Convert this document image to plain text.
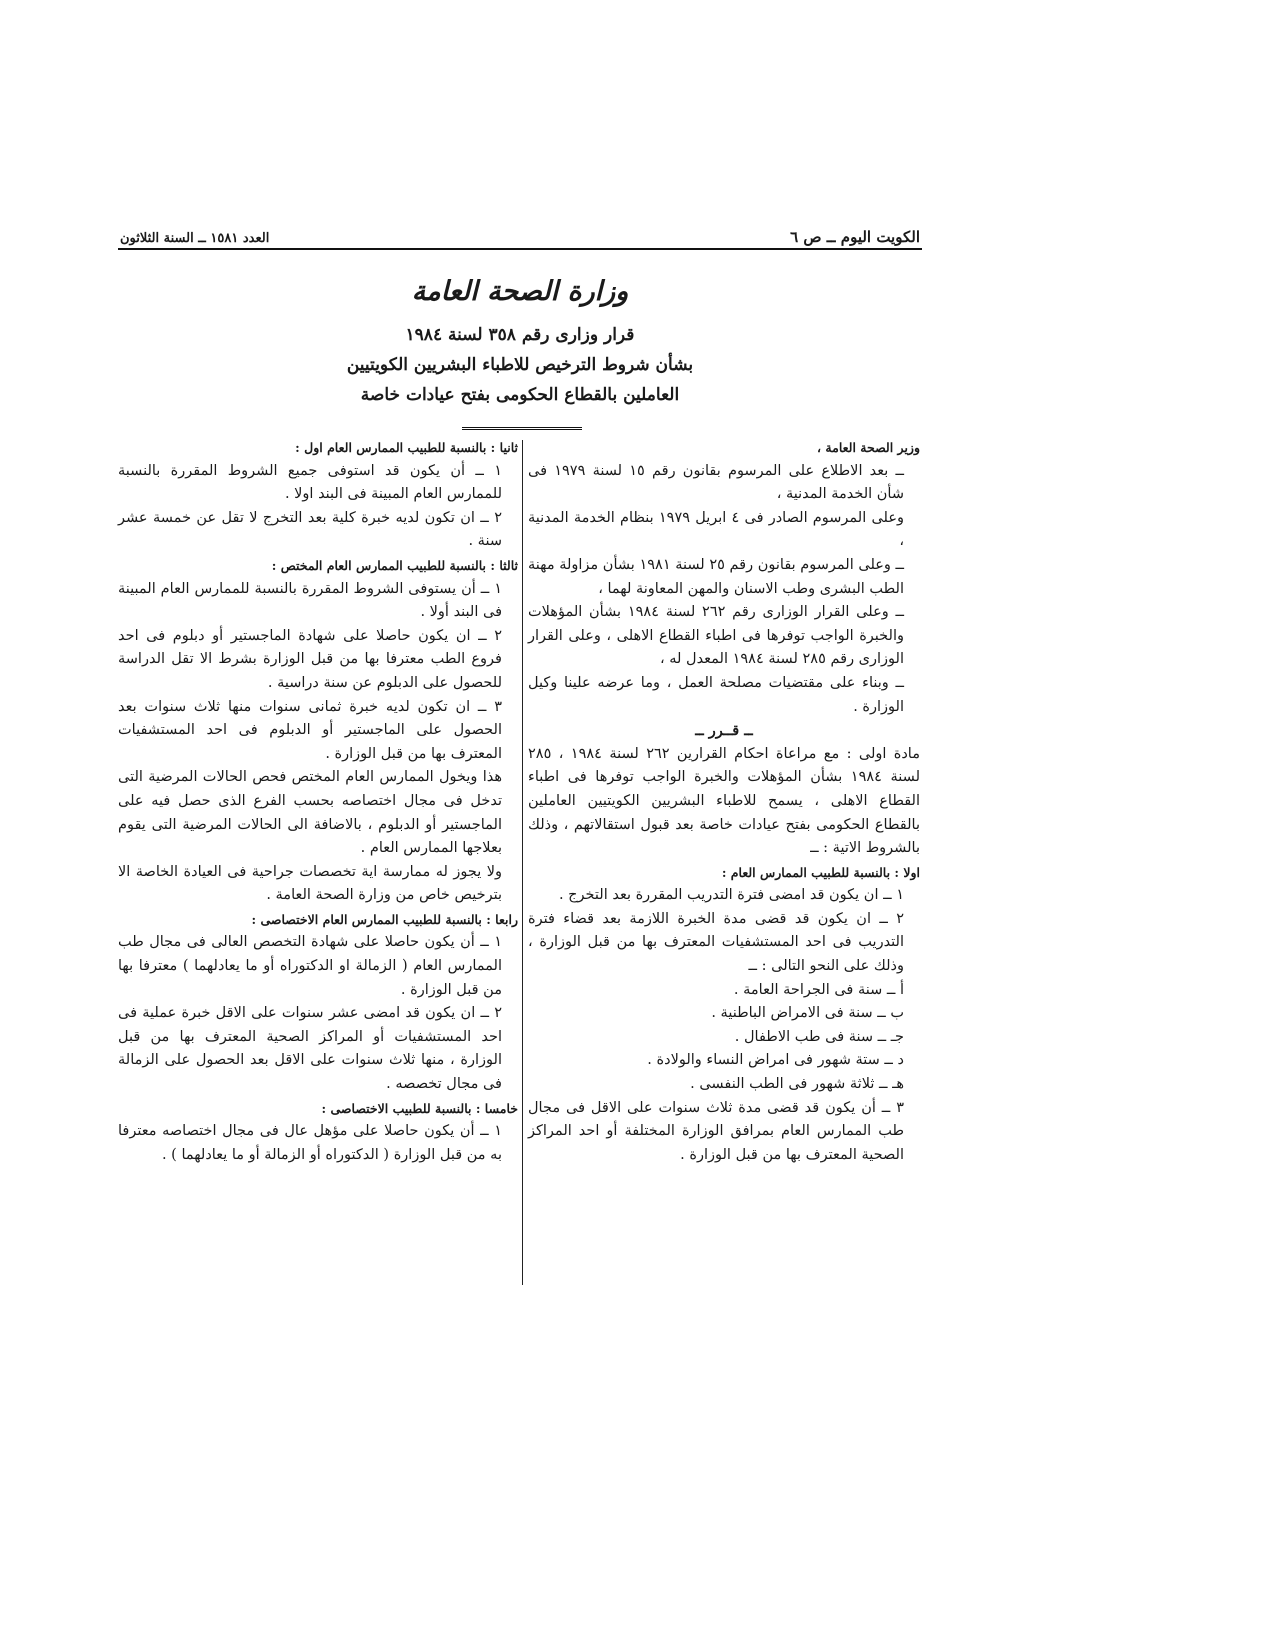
الكويت اليوم ــ ص ٦
العدد ١٥٨١ ــ السنة الثلاثون
وزارة الصحة العامة
قرار وزاری رقم ٣٥٨ لسنة ١٩٨٤
بشأن شروط الترخيص للاطباء البشريين الكويتيين
العاملين بالقطاع الحكومى بفتح عيادات خاصة

وزير الصحة العامة ،

ــ بعد الاطلاع على المرسوم بقانون رقم ١٥ لسنة ١٩٧٩ فى شأن الخدمة المدنية ،

وعلى المرسوم الصادر فى ٤ ابريل ١٩٧٩ بنظام الخدمة المدنية ،

ــ وعلى المرسوم بقانون رقم ٢٥ لسنة ١٩٨١ بشأن مزاولة مهنة الطب البشرى وطب الاسنان والمهن المعاونة لهما ،

ــ وعلى القرار الوزارى رقم ٢٦٢ لسنة ١٩٨٤ بشأن المؤهلات والخبرة الواجب توفرها فى اطباء القطاع الاهلى ، وعلى القرار الوزارى رقم ٢٨٥ لسنة ١٩٨٤ المعدل له ،

ــ وبناء على مقتضيات مصلحة العمل ، وما عرضه علينا وكيل الوزارة .

ــ قــرر ــ

مادة اولى : مع مراعاة احكام القرارين ٢٦٢ لسنة ١٩٨٤ ، ٢٨٥ لسنة ١٩٨٤ بشأن المؤهلات والخبرة الواجب توفرها فى اطباء القطاع الاهلى ، يسمح للاطباء البشريين الكويتيين العاملين بالقطاع الحكومى بفتح عيادات خاصة بعد قبول استقالاتهم ، وذلك بالشروط الاتية : ــ

اولا : بالنسبة للطبيب الممارس العام :

١ ــ ان يكون قد امضى فترة التدريب المقررة بعد التخرج .

٢ ــ ان يكون قد قضى مدة الخبرة اللازمة بعد قضاء فترة التدريب فى احد المستشفيات المعترف بها من قبل الوزارة ، وذلك على النحو التالى : ــ

أ ــ سنة فى الجراحة العامة .

ب ــ سنة فى الامراض الباطنية .

جـ ــ سنة فى طب الاطفال .

د ــ ستة شهور فى امراض النساء والولادة .

هـ ــ ثلاثة شهور فى الطب النفسى .

٣ ــ أن يكون قد قضى مدة ثلاث سنوات على الاقل فى مجال طب الممارس العام بمرافق الوزارة المختلفة أو احد المراكز الصحية المعترف بها من قبل الوزارة .

ثانيا : بالنسبة للطبيب الممارس العام اول :

١ ــ أن يكون قد استوفى جميع الشروط المقررة بالنسبة للممارس العام المبينة فى البند اولا .

٢ ــ ان تكون لديه خبرة كلية بعد التخرج لا تقل عن خمسة عشر سنة .

ثالثا : بالنسبة للطبيب الممارس العام المختص :

١ ــ أن يستوفى الشروط المقررة بالنسبة للممارس العام المبينة فى البند أولا .

٢ ــ ان يكون حاصلا على شهادة الماجستير أو دبلوم فى احد فروع الطب معترفا بها من قبل الوزارة بشرط الا تقل الدراسة للحصول على الدبلوم عن سنة دراسية .

٣ ــ ان تكون لديه خبرة ثمانى سنوات منها ثلاث سنوات بعد الحصول على الماجستير أو الدبلوم فى احد المستشفيات المعترف بها من قبل الوزارة .

هذا ويخول الممارس العام المختص فحص الحالات المرضية التى تدخل فى مجال اختصاصه بحسب الفرع الذى حصل فيه على الماجستير أو الدبلوم ، بالاضافة الى الحالات المرضية التى يقوم بعلاجها الممارس العام .

ولا يجوز له ممارسة اية تخصصات جراحية فى العيادة الخاصة الا بترخيص خاص من وزارة الصحة العامة .

رابعا : بالنسبة للطبيب الممارس العام الاختصاصى :

١ ــ أن يكون حاصلا على شهادة التخصص العالى فى مجال طب الممارس العام ( الزمالة او الدكتوراه أو ما يعادلهما ) معترفا بها من قبل الوزارة .

٢ ــ ان يكون قد امضى عشر سنوات على الاقل خبرة عملية فى احد المستشفيات أو المراكز الصحية المعترف بها من قبل الوزارة ، منها ثلاث سنوات على الاقل بعد الحصول على الزمالة فى مجال تخصصه .

خامسا : بالنسبة للطبيب الاختصاصى :

١ ــ أن يكون حاصلا على مؤهل عال فى مجال اختصاصه معترفا به من قبل الوزارة ( الدكتوراه أو الزمالة أو ما يعادلهما ) .
